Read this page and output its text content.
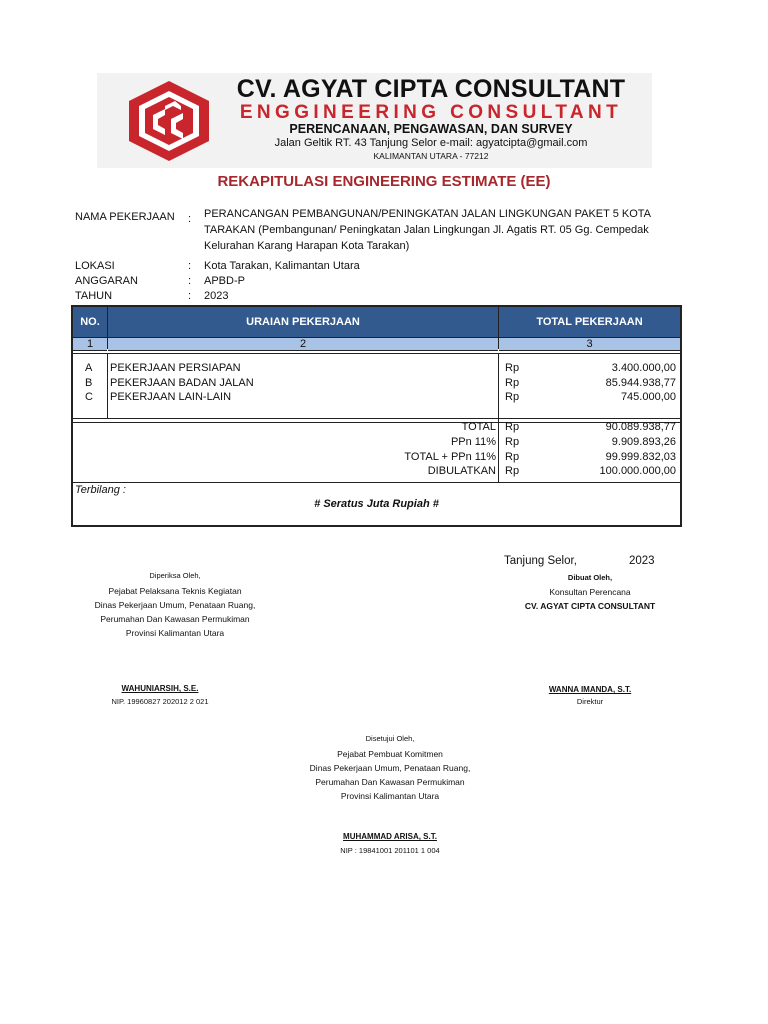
CV. AGYAT CIPTA CONSULTANT
ENGGINEERING CONSULTANT
PERENCANAAN, PENGAWASAN, DAN SURVEY
Jalan Geltik RT. 43 Tanjung Selor e-mail: agyatcipta@gmail.com
KALIMANTAN UTARA - 77212
REKAPITULASI ENGINEERING ESTIMATE (EE)
NAMA PEKERJAAN : PERANCANGAN PEMBANGUNAN/PENINGKATAN JALAN LINGKUNGAN PAKET 5 KOTA TARAKAN (Pembangunan/ Peningkatan Jalan Lingkungan Jl. Agatis RT. 05 Gg. Cempedak Kelurahan Karang Harapan Kota Tarakan)
LOKASI	: Kota Tarakan, Kalimantan Utara
ANGGARAN	: APBD-P
TAHUN	: 2023
NO.	URAIAN PEKERJAAN	TOTAL PEKERJAAN
1	2	3
A PEKERJAAN PERSIAPAN	Rp	3.400.000,00
B PEKERJAAN BADAN JALAN	Rp	85.944.938,77
C PEKERJAAN LAIN-LAIN	Rp	745.000,00
TOTAL Rp	90.089.938,77
PPn 11% Rp	9.909.893,26
TOTAL + PPn 11% Rp	99.999.832,03
DIBULATKAN Rp	100.000.000,00
Terbilang :
# Seratus Juta Rupiah #
Tanjung Selor,	2023
Diperiksa Oleh,
Pejabat Pelaksana Teknis Kegiatan
Dinas Pekerjaan Umum, Penataan Ruang,
Perumahan Dan Kawasan Permukiman
Provinsi Kalimantan Utara
WAHUNIARSIH, S.E.
NIP. 19960827 202012 2 021
Dibuat Oleh,
Konsultan Perencana
CV. AGYAT CIPTA CONSULTANT
WANNA IMANDA, S.T.
Direktur
Disetujui Oleh,
Pejabat Pembuat Komitmen
Dinas Pekerjaan Umum, Penataan Ruang,
Perumahan Dan Kawasan Permukiman
Provinsi Kalimantan Utara
MUHAMMAD ARISA, S.T.
NIP : 19841001 201101 1 004
